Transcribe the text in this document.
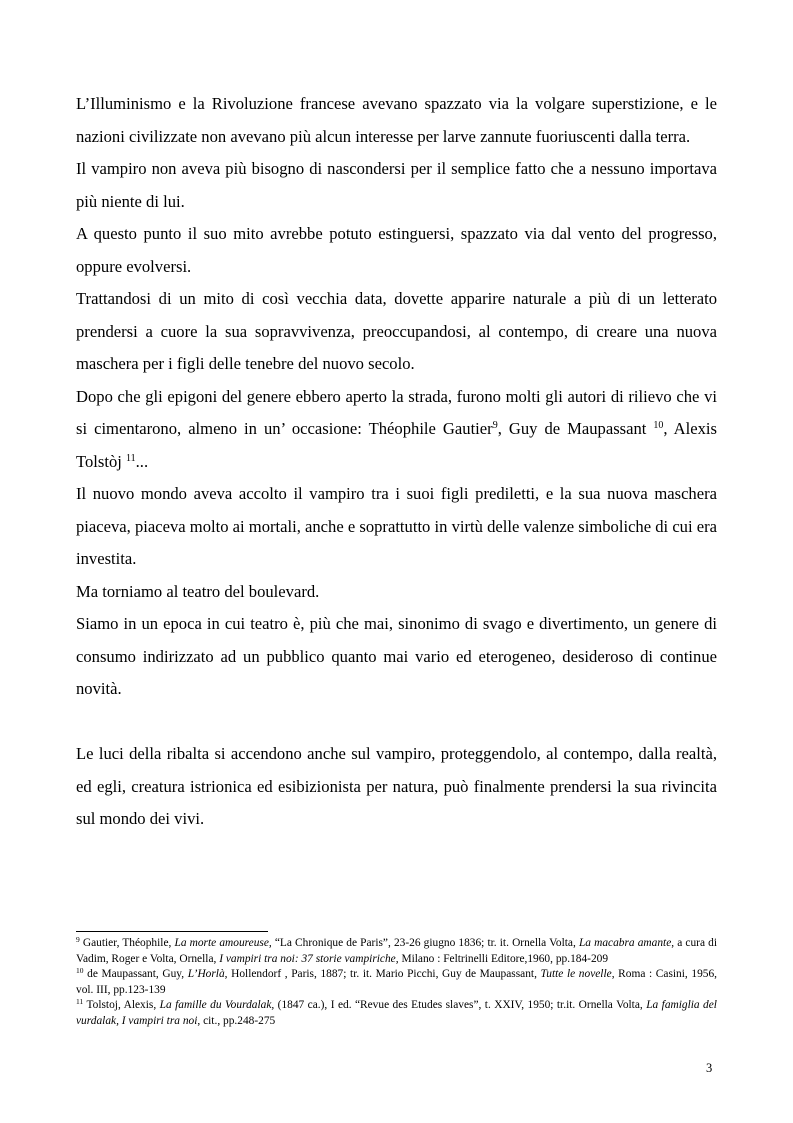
L’Illuminismo e la Rivoluzione francese avevano spazzato via la volgare superstizione, e le nazioni civilizzate non avevano più alcun interesse per larve zannute fuoriuscenti dalla terra.

Il vampiro non aveva più bisogno di nascondersi per il semplice fatto che a nessuno importava più niente di lui.

A questo punto il suo mito avrebbe potuto estinguersi, spazzato via dal vento del progresso, oppure evolversi.

Trattandosi di un mito di così vecchia data, dovette apparire naturale a più di un letterato prendersi a cuore la sua sopravvivenza, preoccupandosi, al contempo, di creare una nuova maschera per i figli delle tenebre del nuovo secolo.

Dopo che gli epigoni del genere ebbero aperto la strada, furono molti gli autori di rilievo che vi si cimentarono, almeno in un’ occasione: Théophile Gautier$^9$, Guy de Maupassant $^{10}$, Alexis Tolstòj $^{11}$...

Il nuovo mondo aveva accolto il vampiro tra i suoi figli prediletti, e la sua nuova maschera piaceva, piaceva molto ai mortali, anche e soprattutto in virtù delle valenze simboliche di cui era investita.

Ma torniamo al teatro del boulevard.

Siamo in un epoca in cui teatro è, più che mai, sinonimo di svago e divertimento, un genere di consumo indirizzato ad un pubblico quanto mai vario ed eterogeneo, desideroso di continue novità.

Le luci della ribalta si accendono anche sul vampiro, proteggendolo, al contempo, dalla realtà, ed egli, creatura istrionica ed esibizionista per natura, può finalmente prendersi la sua rivincita sul mondo dei vivi.

$^9$ Gautier, Théophile, La morte amoureuse, “La Chronique de Paris”, 23-26 giugno 1836; tr. it. Ornella Volta, La macabra amante, a cura di Vadim, Roger e Volta, Ornella, I vampiri tra noi: 37 storie vampiriche, Milano : Feltrinelli Editore,1960, pp.184-209

$^{10}$ de Maupassant, Guy, L’Horlà, Hollendorf , Paris, 1887; tr. it. Mario Picchi, Guy de Maupassant, Tutte le novelle, Roma : Casini, 1956, vol. III, pp.123-139

$^{11}$ Tolstoj, Alexis, La famille du Vourdalak, (1847 ca.), I ed. “Revue des Etudes slaves”, t. XXIV, 1950; tr.it. Ornella Volta, La famiglia del vurdalak, I vampiri tra noi, cit., pp.248-275

3
